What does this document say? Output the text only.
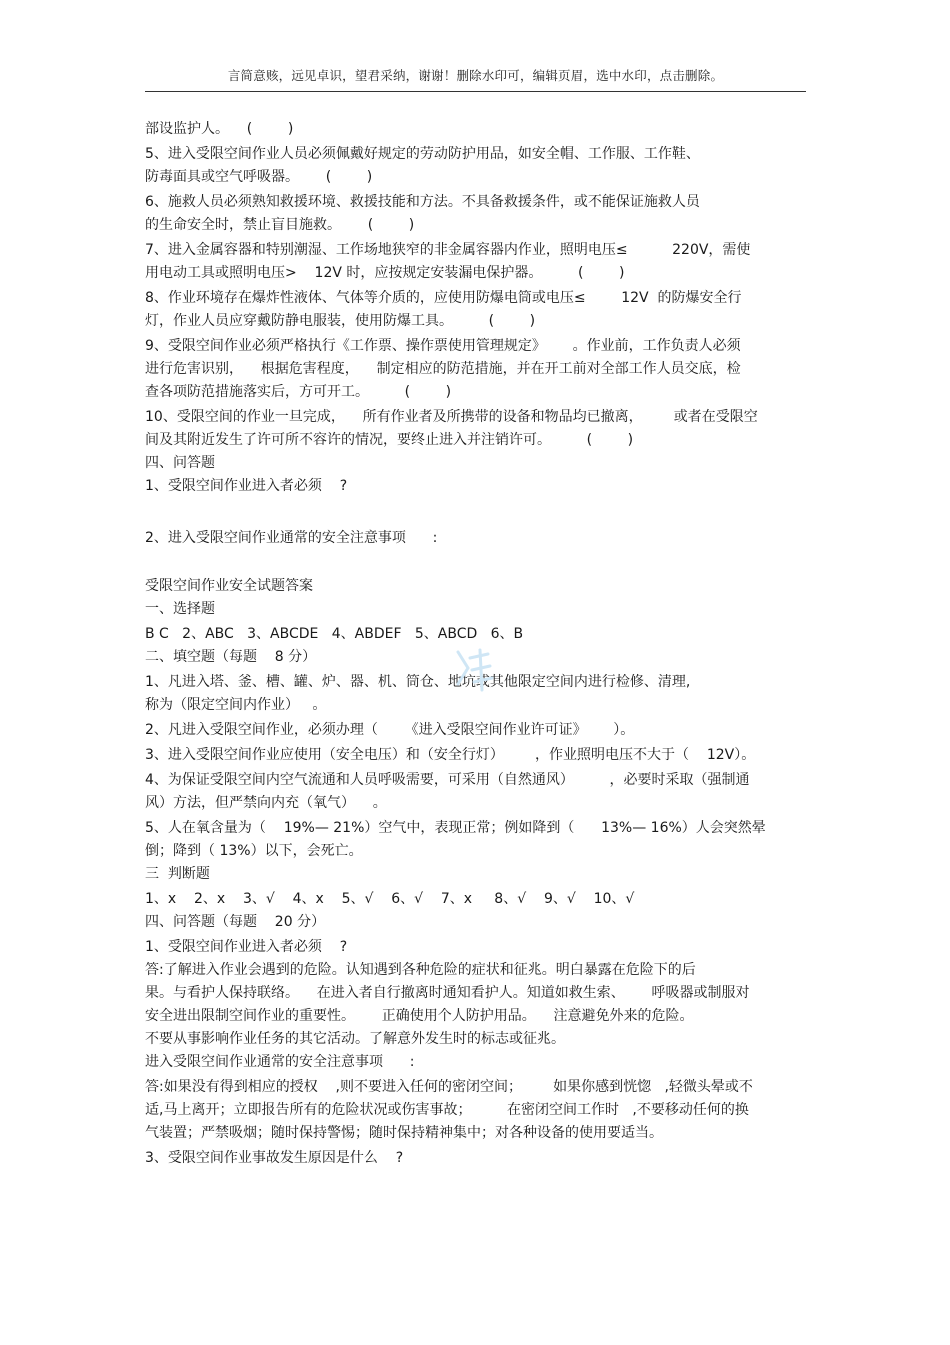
言简意赅，远见卓识，望君采纳，谢谢！删除水印可，编辑页眉，选中水印，点击删除。

部设监护人。    (        )

5、进入受限空间作业人员必须佩戴好规定的劳动防护用品，如安全帽、工作服、工作鞋、
防毒面具或空气呼吸器。      (        )

6、施救人员必须熟知救援环境、救援技能和方法。不具备救援条件，或不能保证施救人员
的生命安全时，禁止盲目施救。      (        )

7、进入金属容器和特别潮湿、工作场地狭窄的非金属容器内作业，照明电压≤          220V，需使
用电动工具或照明电压>    12V 时，应按规定安装漏电保护器。        (        )

8、作业环境存在爆炸性液体、气体等介质的，应使用防爆电筒或电压≤        12V  的防爆安全行
灯，作业人员应穿戴防静电服装，使用防爆工具。        (        )

9、受限空间作业必须严格执行《工作票、操作票使用管理规定》      。作业前，工作负责人必须
进行危害识别，    根据危害程度，    制定相应的防范措施，并在开工前对全部工作人员交底，检
查各项防范措施落实后，方可开工。        (        )

10、受限空间的作业一旦完成，    所有作业者及所携带的设备和物品均已撤离，       或者在受限空
间及其附近发生了许可所不容许的情况，要终止进入并注销许可。        (        )

四、问答题

1、受限空间作业进入者必须    ?

2、进入受限空间作业通常的安全注意事项      :

受限空间作业安全试题答案

一、选择题

B C   2、ABC   3、ABCDE   4、ABDEF   5、ABCD   6、B

二、填空题（每题    8 分）

1、凡进入塔、釜、槽、罐、炉、器、机、筒仓、地坑或其他限定空间内进行检修、清理,
称为（限定空间内作业）   。

2、凡进入受限空间作业，必须办理（      《进入受限空间作业许可证》      ）。

3、进入受限空间作业应使用（安全电压）和（安全行灯）       ，作业照明电压不大于（    12V）。

4、为保证受限空间内空气流通和人员呼吸需要，可采用（自然通风）        ，必要时采取（强制通
风）方法，但严禁向内充（氧气）    。

5、人在氧含量为（    19%— 21%）空气中，表现正常；例如降到（      13%— 16%）人会突然晕
倒；降到（ 13%）以下，会死亡。

三  判断题

1、x    2、x    3、√    4、x    5、√    6、√    7、x     8、√    9、√    10、√

四、问答题（每题    20 分）

1、受限空间作业进入者必须    ?

答:了解进入作业会遇到的危险。认知遇到各种危险的症状和征兆。明白暴露在危险下的后
果。与看护人保持联络。    在进入者自行撤离时通知看护人。知道如救生索、      呼吸器或制服对
安全进出限制空间作业的重要性。      正确使用个人防护用品。    注意避免外来的危险。
不要从事影响作业任务的其它活动。了解意外发生时的标志或征兆。

进入受限空间作业通常的安全注意事项      :

答:如果没有得到相应的授权    ,则不要进入任何的密闭空间；       如果你感到恍惚   ,轻微头晕或不
适,马上离开；立即报告所有的危险状况或伤害事故；        在密闭空间工作时   ,不要移动任何的换
气装置；严禁吸烟；随时保持警惕；随时保持精神集中；对各种设备的使用要适当。

3、受限空间作业事故发生原因是什么    ?
